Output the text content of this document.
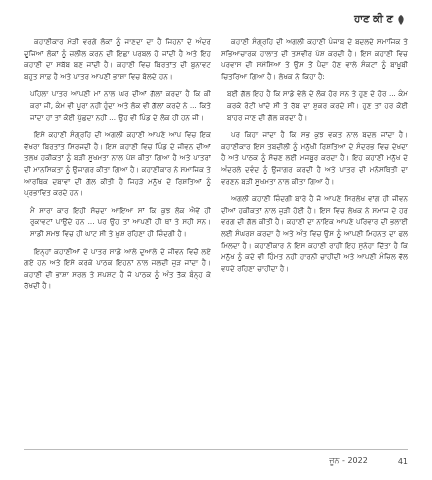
ਹਾਣ ਕੀ ਣ

ਕਹਾਣੀਕਾਰ ਮੋੜੀ ਵਰਗੇ ਲੋਕਾਂ ਨੂੰ ਜਾਣਦਾ ਦਾ ਹੈ ਜਿਹਨਾਂ ਦੇ ਅੰਦਰ ਦੂਜਿਆਂ ਲੋਕਾਂ ਨੂੰ ਜ਼ਲੀਲ ਕਰਨ ਦੀ ਇਛਾ ਪਰਬਲ ਹੋ ਜਾਂਦੀ ਹੈ ਅਤੇ ਇਹ ਕਹਾਣੀ ਦਾ ਸਬੱਬ ਬਣ ਜਾਂਦੀ ਹੈ। ਕਹਾਣੀ ਵਿਚ ਬਿਰਤਾਂਤ ਦੀ ਬੁਨਾਵਟ ਬਹੁਤ ਸਾਫ਼ ਹੈ ਅਤੇ ਪਾਤਰ ਆਪਣੀ ਭਾਸ਼ਾ ਵਿਚ ਬੋਲਦੇ ਹਨ।

ਪਹਿਲਾ ਪਾਤਰ ਆਪਣੀ ਮਾਂ ਨਾਲ ਘਰ ਦੀਆਂ ਗੱਲਾਂ ਕਰਦਾ ਹੈ ਕਿ ਕੀ ਕਰਾਂ ਜੀ, ਕੰਮ ਵੀ ਪੂਰਾ ਨਹੀਂ ਹੁੰਦਾ ਅਤੇ ਲੋਕ ਵੀ ਗੱਲਾਂ ਕਰਦੇ ਨੇ ... ਕਿਤੇ ਜਾਂਦਾ ਹਾਂ ਤਾਂ ਕੋਈ ਪੁੱਛਦਾ ਨਹੀਂ ... ਉਹ ਵੀ ਪਿੰਡ ਦੇ ਲੋਕ ਹੀ ਹਨ ਜੀ।

ਇਸੇ ਕਹਾਣੀ ਸੰਗ੍ਰਹਿ ਦੀ ਅਗਲੀ ਕਹਾਣੀ ਆਪਣੇ ਆਪ ਵਿਚ ਇਕ ਵੱਖਰਾ ਬਿਰਤਾਂਤ ਸਿਰਜਦੀ ਹੈ। ਇਸ ਕਹਾਣੀ ਵਿਚ ਪਿੰਡ ਦੇ ਜੀਵਨ ਦੀਆਂ ਤਲਖ਼ ਹਕੀਕਤਾਂ ਨੂੰ ਬੜੀ ਸੂਖਮਤਾ ਨਾਲ ਪੇਸ਼ ਕੀਤਾ ਗਿਆ ਹੈ ਅਤੇ ਪਾਤਰਾਂ ਦੀ ਮਾਨਸਿਕਤਾ ਨੂੰ ਉਜਾਗਰ ਕੀਤਾ ਗਿਆ ਹੈ। ਕਹਾਣੀਕਾਰ ਨੇ ਸਮਾਜਿਕ ਤੇ ਆਰਥਿਕ ਦਬਾਵਾਂ ਦੀ ਗੱਲ ਕੀਤੀ ਹੈ ਜਿਹੜੇ ਮਨੁੱਖ ਦੇ ਰਿਸ਼ਤਿਆਂ ਨੂੰ ਪ੍ਰਭਾਵਿਤ ਕਰਦੇ ਹਨ।

ਮੈਂ ਸਾਰਾ ਕਾਰ ਇਹੀ ਸੋਚਦਾ ਆਇਆ ਸਾਂ ਕਿ ਕੁਝ ਲੋਕ ਐਵੇਂ ਹੀ ਰੁਕਾਵਟਾਂ ਪਾਉਂਦੇ ਹਨ ... ਪਰ ਉਹ ਤਾਂ ਆਪਣੀ ਹੀ ਥਾਂ ਤੇ ਸਹੀ ਸਨ। ਸਾਡੀ ਸਮਝ ਵਿਚ ਹੀ ਘਾਟ ਸੀ ਤੇ ਖ਼ੁਸ਼ ਰਹਿਣਾ ਹੀ ਜ਼ਿੰਦਗੀ ਹੈ।

ਇਨ੍ਹਾਂ ਕਹਾਣੀਆਂ ਦੇ ਪਾਤਰ ਸਾਡੇ ਆਲੇ ਦੁਆਲੇ ਦੇ ਜੀਵਨ ਵਿਚੋਂ ਲਏ ਗਏ ਹਨ ਅਤੇ ਇਸੇ ਕਰਕੇ ਪਾਠਕ ਇਹਨਾਂ ਨਾਲ ਜਲਦੀ ਜੁੜ ਜਾਂਦਾ ਹੈ। ਕਹਾਣੀ ਦੀ ਭਾਸ਼ਾ ਸਰਲ ਤੇ ਸਪਸ਼ਟ ਹੈ ਜੋ ਪਾਠਕ ਨੂੰ ਅੰਤ ਤੱਕ ਬੰਨ੍ਹ ਕੇ ਰੱਖਦੀ ਹੈ।

ਕਹਾਣੀ ਸੰਗ੍ਰਹਿ ਦੀ ਅਗਲੀ ਕਹਾਣੀ ਪੰਜਾਬ ਦੇ ਬਦਲਦੇ ਸਮਾਜਿਕ ਤੇ ਸਭਿਆਚਾਰਕ ਹਾਲਾਤ ਦੀ ਤਸਵੀਰ ਪੇਸ਼ ਕਰਦੀ ਹੈ। ਇਸ ਕਹਾਣੀ ਵਿਚ ਪਰਵਾਸ ਦੀ ਸਮੱਸਿਆ ਤੇ ਉਸ ਤੋਂ ਪੈਦਾ ਹੋਣ ਵਾਲੇ ਸੰਕਟਾਂ ਨੂੰ ਬਾਖ਼ੂਬੀ ਚਿਤਰਿਆ ਗਿਆ ਹੈ। ਲੇਖਕ ਨੇ ਕਿਹਾ ਹੈ:

ਬਈ ਗੱਲ ਇਹ ਹੈ ਕਿ ਸਾਡੇ ਵੇਲੇ ਦੇ ਲੋਕ ਹੋਰ ਸਨ ਤੇ ਹੁਣ ਦੇ ਹੋਰ ... ਕੰਮ ਕਰਕੇ ਰੋਟੀ ਖਾਂਦੇ ਸੀ ਤੇ ਰੱਬ ਦਾ ਸ਼ੁਕਰ ਕਰਦੇ ਸੀ। ਹੁਣ ਤਾਂ ਹਰ ਕੋਈ ਬਾਹਰ ਜਾਣ ਦੀ ਗੱਲ ਕਰਦਾ ਹੈ।

ਪਰ ਕਿਹਾ ਜਾਂਦਾ ਹੈ ਕਿ ਸਭ ਕੁਝ ਵਕਤ ਨਾਲ ਬਦਲ ਜਾਂਦਾ ਹੈ। ਕਹਾਣੀਕਾਰ ਇਸ ਤਬਦੀਲੀ ਨੂੰ ਮਨੁੱਖੀ ਰਿਸ਼ਤਿਆਂ ਦੇ ਸੰਦਰਭ ਵਿਚ ਦੇਖਦਾ ਹੈ ਅਤੇ ਪਾਠਕ ਨੂੰ ਸੋਚਣ ਲਈ ਮਜਬੂਰ ਕਰਦਾ ਹੈ। ਇਹ ਕਹਾਣੀ ਮਨੁੱਖ ਦੇ ਅੰਦਰਲੇ ਦਵੰਦ ਨੂੰ ਉਜਾਗਰ ਕਰਦੀ ਹੈ ਅਤੇ ਪਾਤਰ ਦੀ ਮਨੋਸਥਿਤੀ ਦਾ ਵਰਣਨ ਬੜੀ ਸੂਖਮਤਾ ਨਾਲ ਕੀਤਾ ਗਿਆ ਹੈ।

ਅਗਲੀ ਕਹਾਣੀ ਜ਼ਿੰਦਗੀ ਬਾਰੇ ਹੈ ਜੋ ਆਪਣੇ ਸਿਰਲੇਖ ਵਾਂਗ ਹੀ ਜੀਵਨ ਦੀਆਂ ਹਕੀਕਤਾਂ ਨਾਲ ਜੁੜੀ ਹੋਈ ਹੈ। ਇਸ ਵਿਚ ਲੇਖਕ ਨੇ ਸਮਾਜ ਦੇ ਹਰ ਵਰਗ ਦੀ ਗੱਲ ਕੀਤੀ ਹੈ। ਕਹਾਣੀ ਦਾ ਨਾਇਕ ਆਪਣੇ ਪਰਿਵਾਰ ਦੀ ਭਲਾਈ ਲਈ ਸੰਘਰਸ਼ ਕਰਦਾ ਹੈ ਅਤੇ ਅੰਤ ਵਿਚ ਉਸ ਨੂੰ ਆਪਣੀ ਮਿਹਨਤ ਦਾ ਫਲ ਮਿਲਦਾ ਹੈ। ਕਹਾਣੀਕਾਰ ਨੇ ਇਸ ਕਹਾਣੀ ਰਾਹੀਂ ਇਹ ਸੁਨੇਹਾ ਦਿੱਤਾ ਹੈ ਕਿ ਮਨੁੱਖ ਨੂੰ ਕਦੇ ਵੀ ਹਿੰਮਤ ਨਹੀਂ ਹਾਰਨੀ ਚਾਹੀਦੀ ਅਤੇ ਆਪਣੀ ਮੰਜ਼ਿਲ ਵੱਲ ਵਧਦੇ ਰਹਿਣਾ ਚਾਹੀਦਾ ਹੈ।

ਜੂਨ - 2022	41
